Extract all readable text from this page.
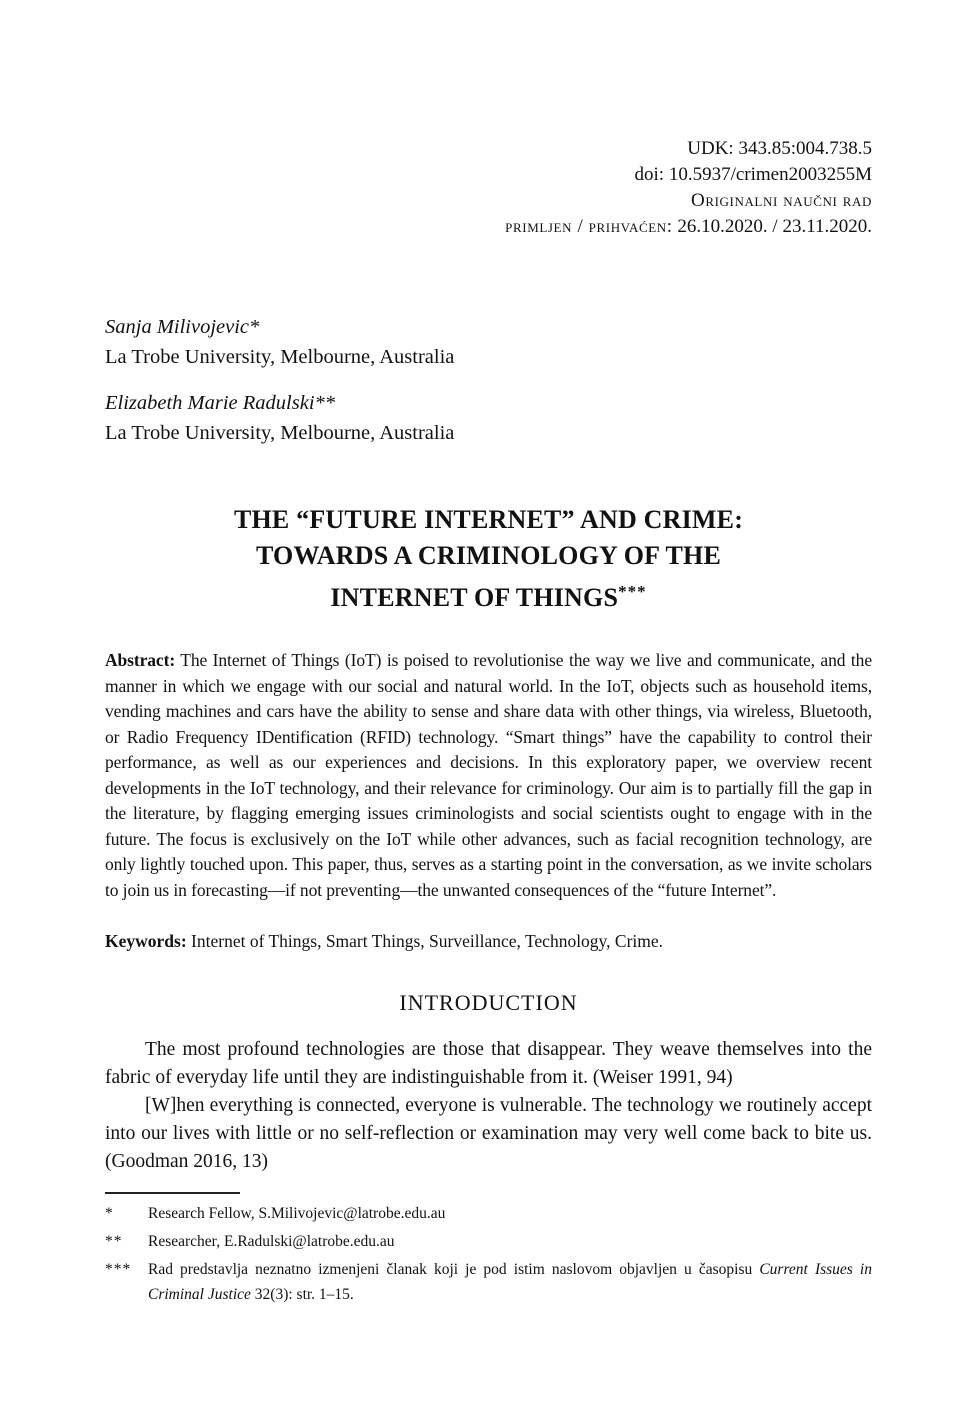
UDK: 343.85:004.738.5
doi: 10.5937/crimen2003255M
Originalni naučni rad
primljen / prihvaćen: 26.10.2020. / 23.11.2020.
Sanja Milivojevic*
La Trobe University, Melbourne, Australia
Elizabeth Marie Radulski**
La Trobe University, Melbourne, Australia
THE “FUTURE INTERNET” AND CRIME:
TOWARDS A CRIMINOLOGY OF THE
INTERNET OF THINGS***

Abstract: The Internet of Things (IoT) is poised to revolutionise the way we live and communicate, and the manner in which we engage with our social and natural world. In the IoT, objects such as household items, vending machines and cars have the ability to sense and share data with other things, via wireless, Bluetooth, or Radio Frequency IDentification (RFID) technology. “Smart things” have the capability to control their performance, as well as our experiences and decisions. In this exploratory paper, we overview recent developments in the IoT technology, and their relevance for criminology. Our aim is to partially fill the gap in the literature, by flagging emerging issues criminologists and social scientists ought to engage with in the future. The focus is exclusively on the IoT while other advances, such as facial recognition technology, are only lightly touched upon. This paper, thus, serves as a starting point in the conversation, as we invite scholars to join us in forecasting—if not preventing—the unwanted consequences of the “future Internet”.

Keywords: Internet of Things, Smart Things, Surveillance, Technology, Crime.

INTRODUCTION

The most profound technologies are those that disappear. They weave themselves into the fabric of everyday life until they are indistinguishable from it. (Weiser 1991, 94)

[W]hen everything is connected, everyone is vulnerable. The technology we routinely accept into our lives with little or no self-reflection or examination may very well come back to bite us. (Goodman 2016, 13)

*	Research Fellow, S.Milivojevic@latrobe.edu.au
**	Researcher, E.Radulski@latrobe.edu.au
***	Rad predstavlja neznatno izmenjeni članak koji je pod istim naslovom objavljen u časopisu Current Issues in Criminal Justice 32(3): str. 1–15.
